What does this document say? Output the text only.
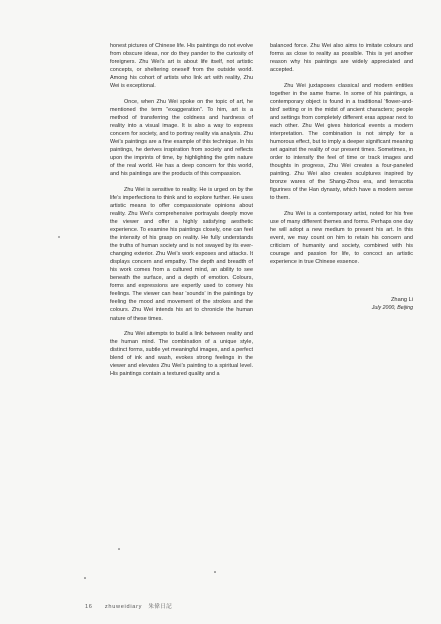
honest pictures of Chinese life. His paintings do not evolve from obscure ideas, nor do they pander to the curiosity of foreigners. Zhu Wei’s art is about life itself, not artistic concepts, or sheltering oneself from the outside world. Among his cohort of artists who link art with reality, Zhu Wei is exceptional.

Once, when Zhu Wei spoke on the topic of art, he mentioned the term “exaggeration”. To him, art is a method of transferring the coldness and hardness of reality into a visual image. It is also a way to express concern for society, and to portray reality via analysis. Zhu Wei’s paintings are a fine example of this technique. In his paintings, he derives inspiration from society and reflects upon the imprints of time, by highlighting the grim nature of the real world. He has a deep concern for this world, and his paintings are the products of this compassion.

Zhu Wei is sensitive to reality. He is urged on by the life’s imperfections to think and to explore further. He uses artistic means to offer compassionate opinions about reality. Zhu Wei’s comprehensive portrayals deeply move the viewer and offer a highly satisfying aesthetic experience. To examine his paintings closely, one can feel the intensity of his grasp on reality. He fully understands the truths of human society and is not swayed by its ever-changing exterior. Zhu Wei’s work exposes and attacks. It displays concern and empathy. The depth and breadth of his work comes from a cultured mind, an ability to see beneath the surface, and a depth of emotion. Colours, forms and expressions are expertly used to convey his feelings. The viewer can hear ‘sounds’ in the paintings by feeling the mood and movement of the strokes and the colours. Zhu Wei intends his art to chronicle the human nature of these times.

Zhu Wei attempts to build a link between reality and the human mind. The combination of a unique style, distinct forms, subtle yet meaningful images, and a perfect blend of ink and wash, evokes strong feelings in the viewer and elevates Zhu Wei’s painting to a spiritual level. His paintings contain a textured quality and a

balanced force. Zhu Wei also aims to imitate colours and forms as close to reality as possible. This is yet another reason why his paintings are widely appreciated and accepted.

Zhu Wei juxtaposes classical and modern entities together in the same frame. In some of his paintings, a contemporary object is found in a traditional ‘flower-and-bird’ setting or in the midst of ancient characters; people and settings from completely different eras appear next to each other. Zhu Wei gives historical events a modern interpretation. The combination is not simply for a humorous effect, but to imply a deeper significant meaning set against the reality of our present times. Sometimes, in order to intensify the feel of time or track images and thoughts in progress, Zhu Wei creates a four-paneled painting. Zhu Wei also creates sculptures inspired by bronze wares of the Shang-Zhou era, and terracotta figurines of the Han dynasty, which have a modern sense to them.

Zhu Wei is a contemporary artist, noted for his free use of many different themes and forms. Perhaps one day he will adopt a new medium to present his art. In this event, we may count on him to retain his concern and criticism of humanity and society, combined with his courage and passion for life, to concoct an artistic experience in true Chinese essence.

Zhang Li
July 2000, Beijing
16 zhuweidiary 朱偉日記
